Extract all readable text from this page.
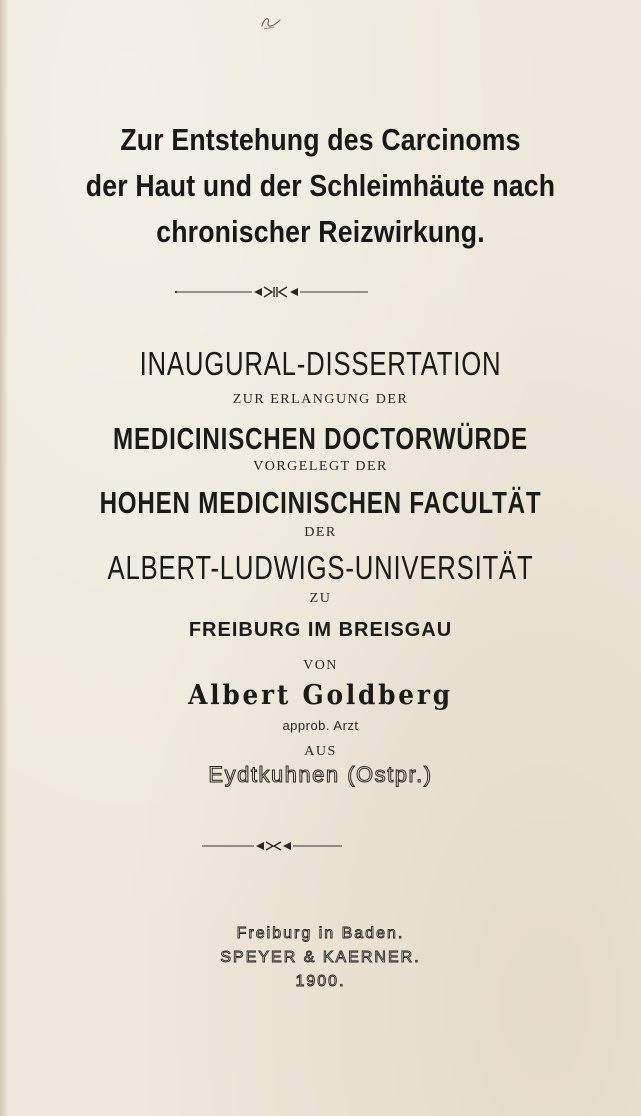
Zur Entstehung des Carcinoms
der Haut und der Schleimhäute nach
chronischer Reizwirkung.
INAUGURAL-DISSERTATION
ZUR ERLANGUNG DER
MEDICINISCHEN DOCTORWÜRDE
VORGELEGT DER
HOHEN MEDICINISCHEN FACULTÄT
DER
ALBERT-LUDWIGS-UNIVERSITÄT
ZU
FREIBURG IM BREISGAU
VON
Albert Goldberg
approb. Arzt
AUS
Eydtkuhnen (Ostpr.)
Freiburg in Baden.
SPEYER & KAERNER.
1900.
